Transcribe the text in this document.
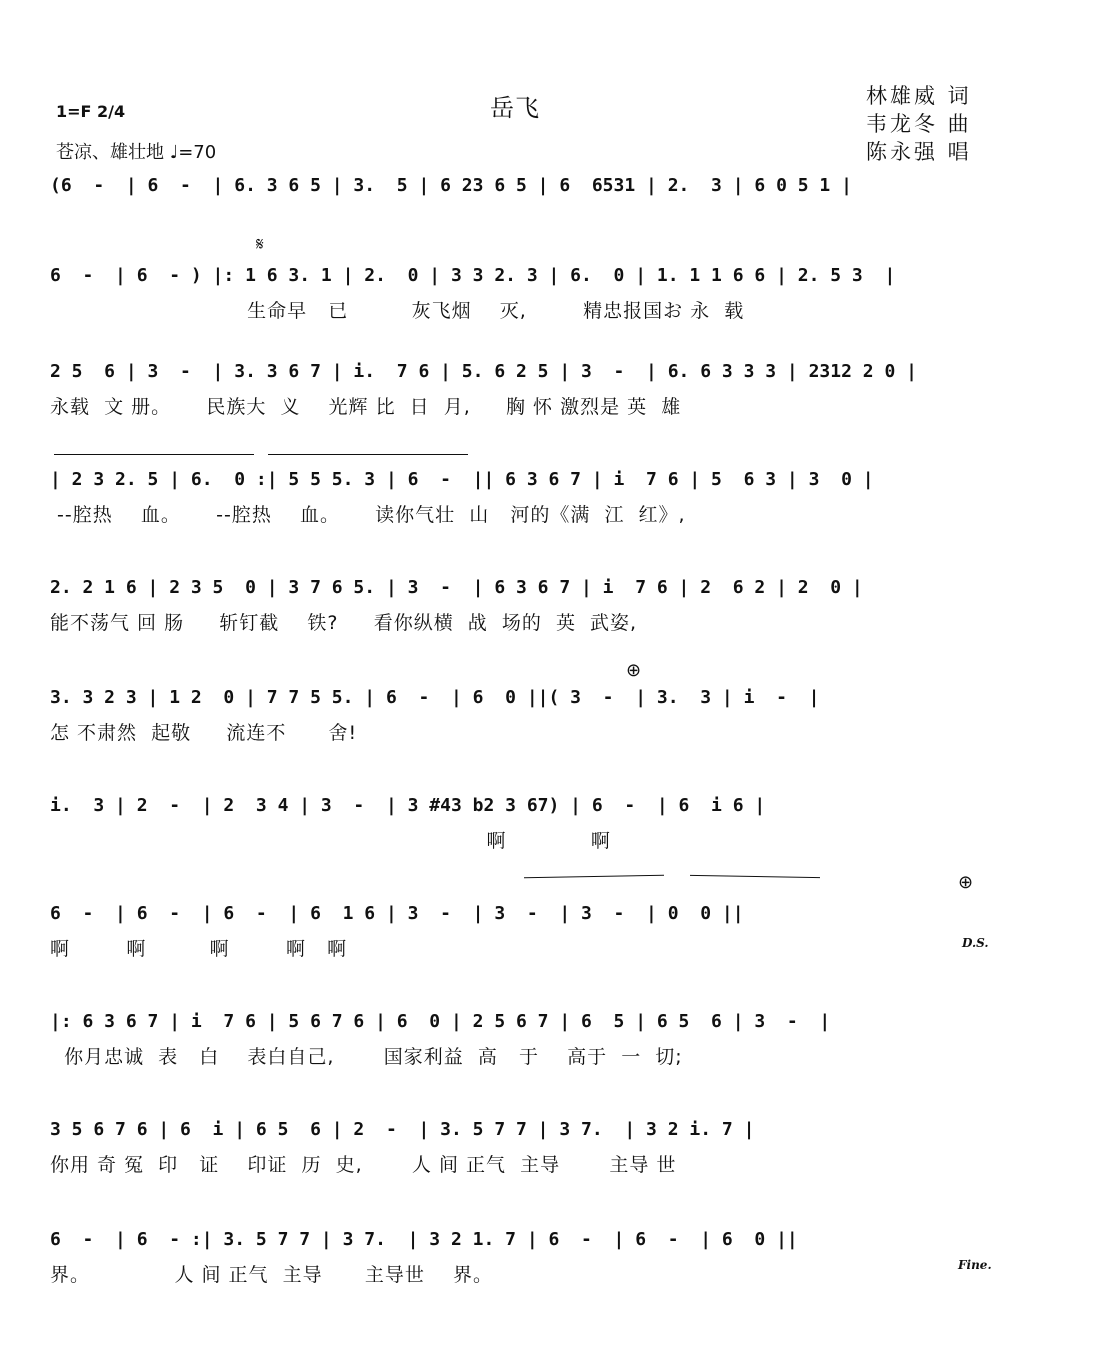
岳飞	林雄威 词
韦龙冬 曲
陈永强 唱
1=F 2/4
苍凉、雄壮地 ♩=70
(6  -  | 6  -  | 6. 3 6 5 | 3.  5 | 6 23 6 5 | 6  6531 | 2.  3 | 6 0 5 1 |
6  -  | 6  - ) |: 1 6 3. 1 | 2.  0 | 3 3 2. 3 | 6.  0 | 1. 1 1 6 6 | 2. 5 3  |
生命早   已         灰飞烟    灭,        精忠报国お 永  载
𝄋
2 5  6 | 3  -  | 3. 3 6 7 | i.  7 6 | 5. 6 2 5 | 3  -  | 6. 6 3 3 3 | 2312 2 0 |
永载  文 册。     民族大  义    光辉 比  日  月,     胸 怀 激烈是 英  雄
| 2 3 2. 5 | 6.  0 :| 5 5 5. 3 | 6  -  || 6 3 6 7 | i  7 6 | 5  6 3 | 3  0 |
--腔热    血。     --腔热    血。     读你气壮  山   河的《满  江  红》,
2. 2 1 6 | 2 3 5  0 | 3 7 6 5. | 3  -  | 6 3 6 7 | i  7 6 | 2  6 2 | 2  0 |
能不荡气 回 肠     斩钉截    铁?     看你纵横  战  场的  英  武姿,
⊕
3. 3 2 3 | 1 2  0 | 7 7 5 5. | 6  -  | 6  0 ||( 3  -  | 3.  3 | i  -  |
怎 不肃然  起敬     流连不      舍!
i.  3 | 2  -  | 2  3 4 | 3  -  | 3 #43 b2 3 67) | 6  -  | 6  i 6 |
啊            啊
⊕
6  -  | 6  -  | 6  -  | 6  1 6 | 3  -  | 3  -  | 3  -  | 0  0 ||
啊        啊         啊        啊   啊	D.S.
|: 6 3 6 7 | i  7 6 | 5 6 7 6 | 6  0 | 2 5 6 7 | 6  5 | 6 5  6 | 3  -  |
你月忠诚  表   白    表白自己,       国家利益  高   于    高于  一  切;
3 5 6 7 6 | 6  i | 6 5  6 | 2  -  | 3. 5 7 7 | 3 7.  | 3 2 i. 7 |
你用 奇 冤  印   证    印证  历  史,       人 间 正气  主导       主导 世
6  -  | 6  - :| 3. 5 7 7 | 3 7.  | 3 2 1. 7 | 6  -  | 6  -  | 6  0 ||
界。            人 间 正气  主导      主导世    界。	Fine.
